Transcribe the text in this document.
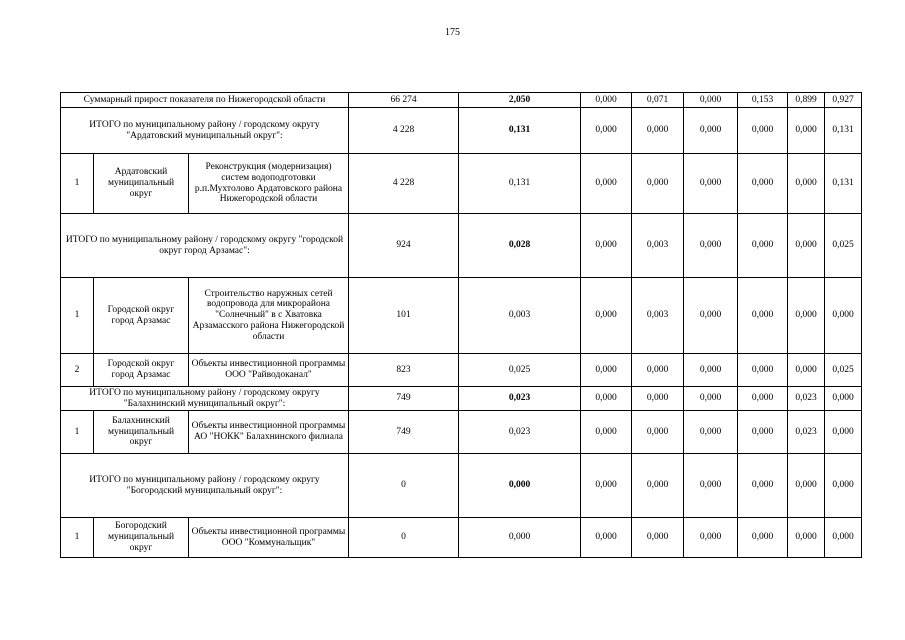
175
Суммарный прирост показателя по Нижегородской области			66 274	2,050	0,000	0,071	0,000	0,153	0,899	0,927
ИТОГО по муниципальному району / городскому округу "Ардатовский муниципальный округ":			4 228	0,131	0,000	0,000	0,000	0,000	0,000	0,131
1	Ардатовский муниципальный округ	Реконструкция (модернизация) систем водоподготовки р.п.Мухтолово Ардатовского района Нижегородской области	4 228	0,131	0,000	0,000	0,000	0,000	0,000	0,131
ИТОГО по муниципальному району / городскому округу "городской округ город Арзамас":			924	0,028	0,000	0,003	0,000	0,000	0,000	0,025
1	Городской округ город Арзамас	Строительство наружных сетей водопровода для микрорайона "Солнечный" в с Хватовка Арзамасского района Нижегородской области	101	0,003	0,000	0,003	0,000	0,000	0,000	0,000
2	Городской округ город Арзамас	Объекты инвестиционной программы ООО "Райводоканал"	823	0,025	0,000	0,000	0,000	0,000	0,000	0,025
ИТОГО по муниципальному району / городскому округу "Балахнинский муниципальный округ":			749	0,023	0,000	0,000	0,000	0,000	0,023	0,000
1	Балахнинский муниципальный округ	Объекты инвестиционной программы АО "НОКК" Балахнинского филиала	749	0,023	0,000	0,000	0,000	0,000	0,023	0,000
ИТОГО по муниципальному району / городскому округу "Богородский муниципальный округ":			0	0,000	0,000	0,000	0,000	0,000	0,000	0,000
1	Богородский муниципальный округ	Объекты инвестиционной программы ООО "Коммунальщик"	0	0,000	0,000	0,000	0,000	0,000	0,000	0,000
